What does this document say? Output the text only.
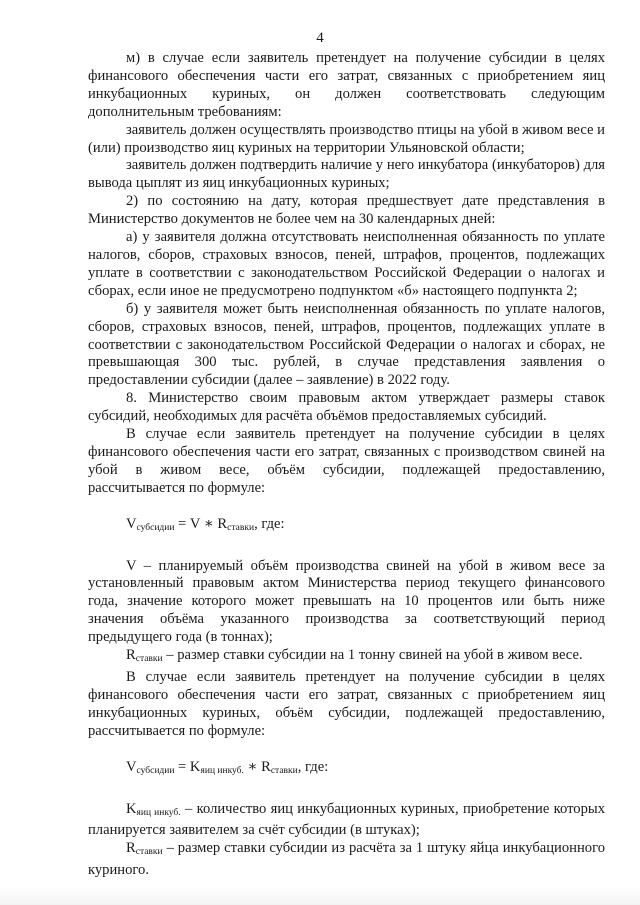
4

м) в случае если заявитель претендует на получение субсидии в целях финансового обеспечения части его затрат, связанных с приобретением яиц инкубационных куриных, он должен соответствовать следующим дополнительным требованиям:

заявитель должен осуществлять производство птицы на убой в живом весе и (или) производство яиц куриных на территории Ульяновской области;

заявитель должен подтвердить наличие у него инкубатора (инкубаторов) для вывода цыплят из яиц инкубационных куриных;

2) по состоянию на дату, которая предшествует дате представления в Министерство документов не более чем на 30 календарных дней:

а) у заявителя должна отсутствовать неисполненная обязанность по уплате налогов, сборов, страховых взносов, пеней, штрафов, процентов, подлежащих уплате в соответствии с законодательством Российской Федерации о налогах и сборах, если иное не предусмотрено подпунктом «б» настоящего подпункта 2;

б) у заявителя может быть неисполненная обязанность по уплате налогов, сборов, страховых взносов, пеней, штрафов, процентов, подлежащих уплате в соответствии с законодательством Российской Федерации о налогах и сборах, не превышающая 300 тыс. рублей, в случае представления заявления о предоставлении субсидии (далее – заявление) в 2022 году.

8. Министерство своим правовым актом утверждает размеры ставок субсидий, необходимых для расчёта объёмов предоставляемых субсидий.

В случае если заявитель претендует на получение субсидии в целях финансового обеспечения части его затрат, связанных с производством свиней на убой в живом весе, объём субсидии, подлежащей предоставлению, рассчитывается по формуле:

$V_{субсидии} = V$ ∗ $R_{ставки}$, где:

V – планируемый объём производства свиней на убой в живом весе за установленный правовым актом Министерства период текущего финансового года, значение которого может превышать на 10 процентов или быть ниже значения объёма указанного производства за соответствующий период предыдущего года (в тоннах);

$R_{ставки}$ – размер ставки субсидии на 1 тонну свиней на убой в живом весе.

В случае если заявитель претендует на получение субсидии в целях финансового обеспечения части его затрат, связанных с приобретением яиц инкубационных куриных, объём субсидии, подлежащей предоставлению, рассчитывается по формуле:

$V_{субсидии} = K_{яиц инкуб.}$ ∗ $R_{ставки}$, где:

$K_{яиц инкуб.}$ – количество яиц инкубационных куриных, приобретение которых планируется заявителем за счёт субсидии (в штуках);

$R_{ставки}$ – размер ставки субсидии из расчёта за 1 штуку яйца инкубационного куриного.
